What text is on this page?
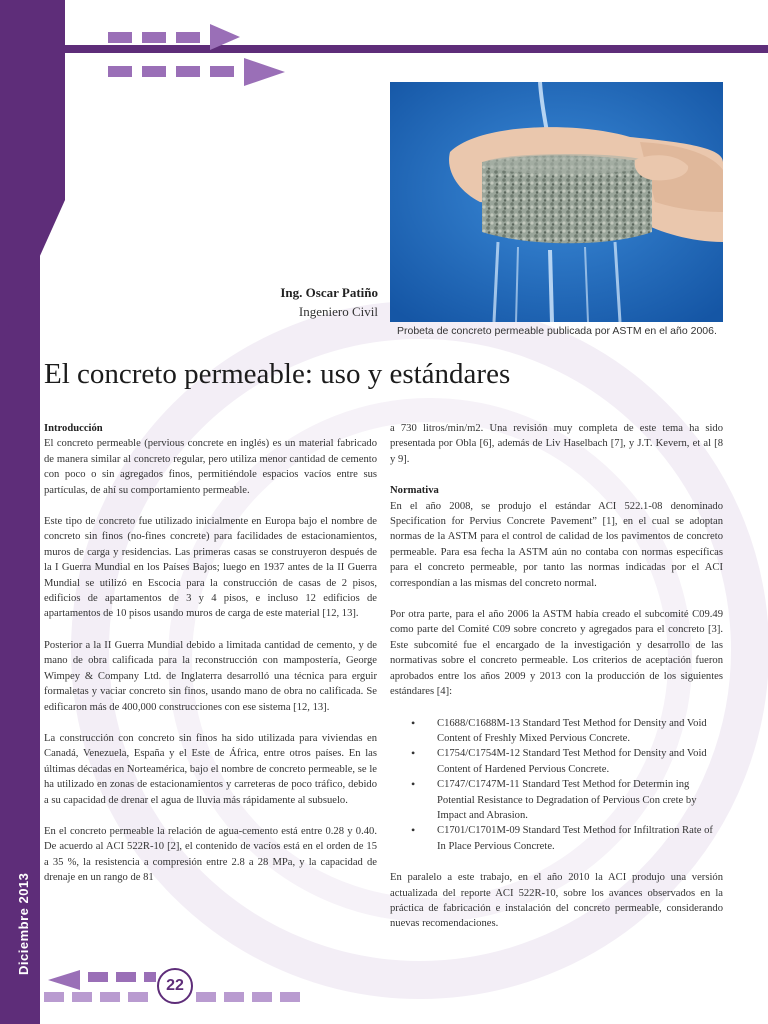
Probeta de concreto permeable publicada por ASTM en el año 2006.
Ing. Oscar Patiño
Ingeniero Civil
El concreto permeable: uso y estándares
Introducción

El concreto permeable (pervious concrete en inglés) es un material fabricado de manera similar al concreto regular, pero utiliza menor cantidad de cemento con poco o sin agregados finos, permitiéndole espacios vacíos entre sus partículas, de ahí su comportamiento permeable.

Este tipo de concreto fue utilizado inicialmente en Europa bajo el nombre de concreto sin finos (no-fines concrete) para facilidades de estacionamientos, muros de carga y residencias. Las primeras casas se construyeron después de la I Guerra Mundial en los Países Bajos; luego en 1937 antes de la II Guerra Mundial se utilizó en Escocia para la construcción de casas de 2 pisos, edificios de apartamentos de 3 y 4 pisos, e incluso 12 edificios de apartamentos de 10 pisos usando muros de carga de este material [12, 13].

Posterior a la II Guerra Mundial debido a limitada cantidad de cemento, y de mano de obra calificada para la reconstrucción con mampostería, George Wimpey & Company Ltd. de Inglaterra desarrolló una técnica para erguir formaletas y vaciar concreto sin finos, usando mano de obra no calificada. Se edificaron más de 400,000 construcciones con ese sistema [12, 13].

La construcción con concreto sin finos ha sido utilizada para viviendas en Canadá, Venezuela, España y el Este de África, entre otros países. En las últimas décadas en Norteamérica, bajo el nombre de concreto permeable, se le ha utilizado en zonas de estacionamientos y carreteras de poco tráfico, debido a su capacidad de drenar el agua de lluvia más rápidamente al subsuelo.

En el concreto permeable la relación de agua-cemento está entre 0.28 y 0.40. De acuerdo al ACI 522R-10 [2], el contenido de vacíos está en el orden de 15 a 35 %, la resistencia a compresión entre 2.8 a 28 MPa, y la capacidad de drenaje en un rango de 81

a 730 litros/min/m2. Una revisión muy completa de este tema ha sido presentada por Obla [6], además de Liv Haselbach [7], y J.T. Kevern, et al [8 y 9].

Normativa

En el año 2008, se produjo el estándar ACI 522.1-08 denominado Specification for Pervius Concrete Pavement” [1], en el cual se adoptan normas de la ASTM para el control de calidad de los pavimentos de concreto permeable. Para esa fecha la ASTM aún no contaba con normas específicas para el concreto permeable, por tanto las normas indicadas por el ACI correspondían a las mismas del concreto normal.

Por otra parte, para el año 2006 la ASTM había creado el subcomité C09.49 como parte del Comité C09 sobre concreto y agregados para el concreto [3]. Este subcomité fue el encargado de la investigación y desarrollo de las normativas sobre el concreto permeable. Los criterios de aceptación fueron aprobados entre los años 2009 y 2013 con la producción de los siguientes estándares [4]:

• C1688/C1688M-13 Standard Test Method for Density and Void Content of Freshly Mixed Pervious Concrete.
• C1754/C1754M-12 Standard Test Method for Density and Void Content of Hardened Pervious Concrete.
• C1747/C1747M-11 Standard Test Method for Determin ing Potential Resistance to Degradation of Pervious Con crete by Impact and Abrasion.
• C1701/C1701M-09 Standard Test Method for Infiltration Rate of In Place Pervious Concrete.

En paralelo a este trabajo, en el año 2010 la ACI produjo una versión actualizada del reporte ACI 522R-10, sobre los avances observados en la práctica de fabricación e instalación del concreto permeable, considerando nuevas recomendaciones.

22
Diciembre 2013
